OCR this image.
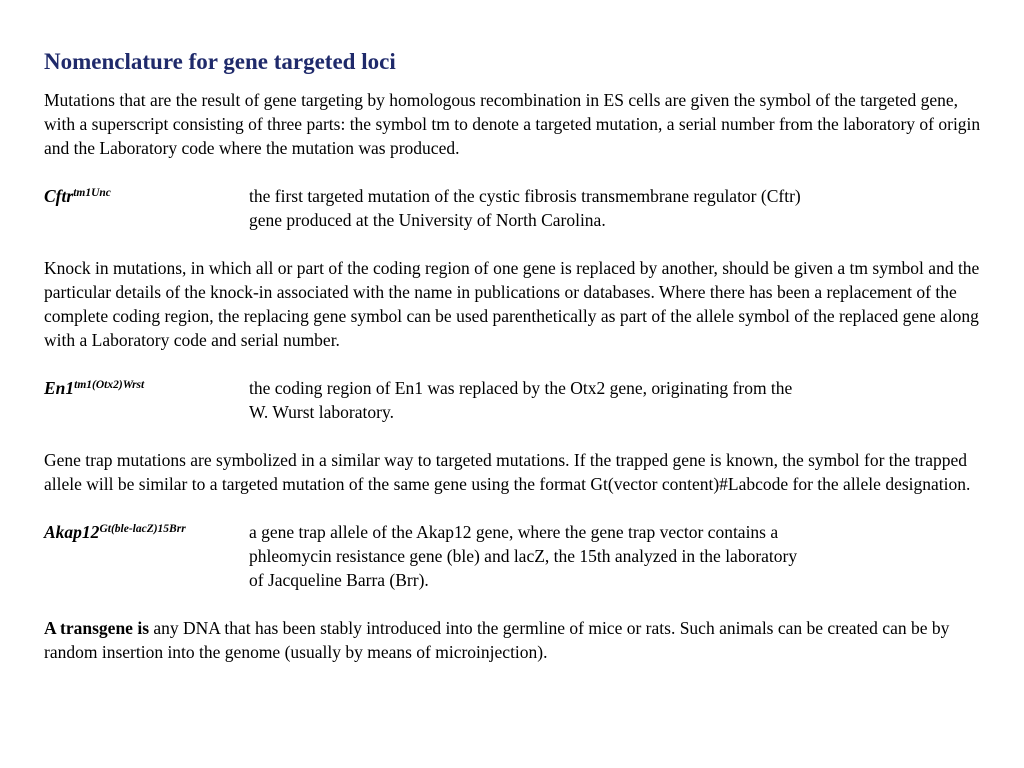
Nomenclature for gene targeted loci

Mutations that are the result of gene targeting by homologous recombination in ES cells are given the symbol of the targeted gene, with a superscript consisting of three parts: the symbol tm to denote a targeted mutation, a serial number from the laboratory of origin and the Laboratory code where the mutation was produced.

Cftr$^{tm1Unc}$	the first targeted mutation of the cystic fibrosis transmembrane regulator (Cftr)
gene produced at the University of North Carolina.

Knock in mutations, in which all or part of the coding region of one gene is replaced by another, should be given a tm symbol and the particular details of the knock-in associated with the name in publications or databases. Where there has been a replacement of the complete coding region, the replacing gene symbol can be used parenthetically as part of the allele symbol of the replaced gene along with a Laboratory code and serial number.

$En1^{tm1(Otx2)Wrst}$	the coding region of En1 was replaced by the Otx2 gene, originating from the
W. Wurst laboratory.

Gene trap mutations are symbolized in a similar way to targeted mutations. If the trapped gene is known, the symbol for the trapped allele will be similar to a targeted mutation of the same gene using the format Gt(vector content)#Labcode for the allele designation.

$Akap12^{Gt(ble-lacZ)15Brr}$	a gene trap allele of the Akap12 gene, where the gene trap vector contains a
phleomycin resistance gene (ble) and lacZ, the 15th analyzed in the laboratory
of Jacqueline Barra (Brr).

A transgene is any DNA that has been stably introduced into the germline of mice or rats. Such animals can be created can be by random insertion into the genome (usually by means of microinjection).
